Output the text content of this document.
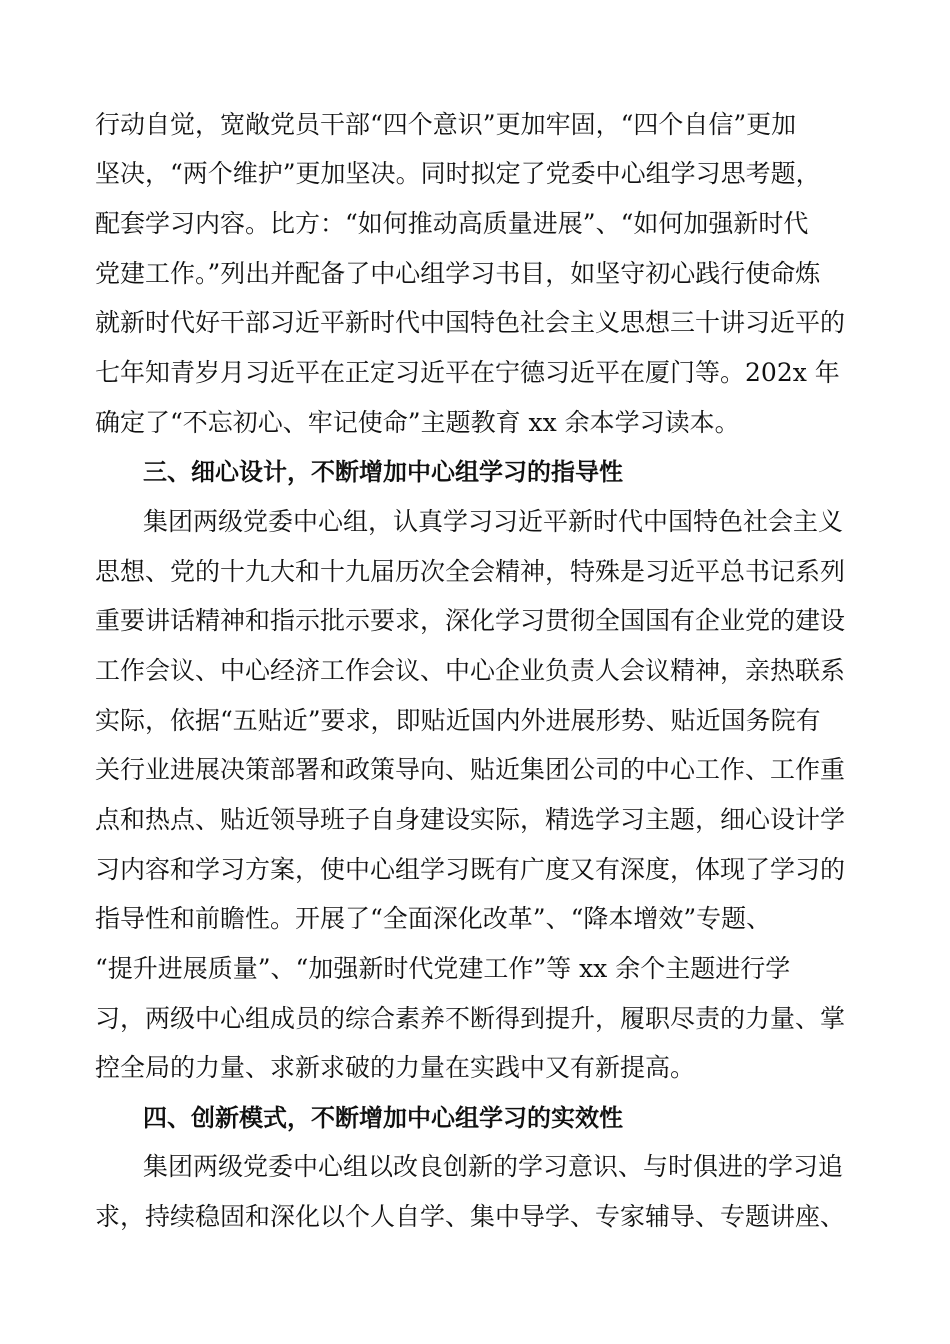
行动自觉，宽敞党员干部“四个意识”更加牢固，“四个自信”更加
坚决，“两个维护”更加坚决。同时拟定了党委中心组学习思考题，
配套学习内容。比方：“如何推动高质量进展”、“如何加强新时代
党建工作。”列出并配备了中心组学习书目，如坚守初心践行使命炼
就新时代好干部习近平新时代中国特色社会主义思想三十讲习近平的
七年知青岁月习近平在正定习近平在宁德习近平在厦门等。202x 年
确定了“不忘初心、牢记使命”主题教育 xx 余本学习读本。
三、细心设计，不断增加中心组学习的指导性
集团两级党委中心组，认真学习习近平新时代中国特色社会主义
思想、党的十九大和十九届历次全会精神，特殊是习近平总书记系列
重要讲话精神和指示批示要求，深化学习贯彻全国国有企业党的建设
工作会议、中心经济工作会议、中心企业负责人会议精神，亲热联系
实际，依据“五贴近”要求，即贴近国内外进展形势、贴近国务院有
关行业进展决策部署和政策导向、贴近集团公司的中心工作、工作重
点和热点、贴近领导班子自身建设实际，精选学习主题，细心设计学
习内容和学习方案，使中心组学习既有广度又有深度，体现了学习的
指导性和前瞻性。开展了“全面深化改革”、“降本增效”专题、
“提升进展质量”、“加强新时代党建工作”等 xx 余个主题进行学
习，两级中心组成员的综合素养不断得到提升，履职尽责的力量、掌
控全局的力量、求新求破的力量在实践中又有新提高。
四、创新模式，不断增加中心组学习的实效性
集团两级党委中心组以改良创新的学习意识、与时俱进的学习追
求，持续稳固和深化以个人自学、集中导学、专家辅导、专题讲座、
